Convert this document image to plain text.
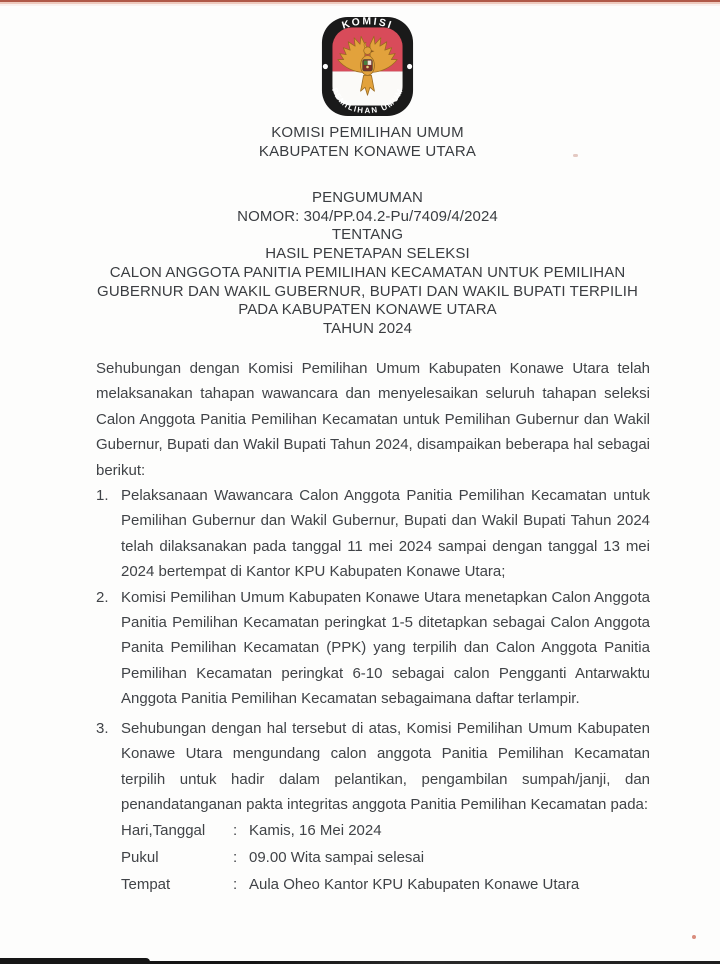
KOMISI
PEMILIHAN UMUM
KOMISI PEMILIHAN UMUM
KABUPATEN KONAWE UTARA
PENGUMUMAN
NOMOR: 304/PP.04.2-Pu/7409/4/2024
TENTANG
HASIL PENETAPAN SELEKSI
CALON ANGGOTA PANITIA PEMILIHAN KECAMATAN UNTUK PEMILIHAN
GUBERNUR DAN WAKIL GUBERNUR, BUPATI DAN WAKIL BUPATI TERPILIH
PADA KABUPATEN KONAWE UTARA
TAHUN 2024

Sehubungan dengan Komisi Pemilihan Umum Kabupaten Konawe Utara telah melaksanakan tahapan wawancara dan menyelesaikan seluruh tahapan seleksi Calon Anggota Panitia Pemilihan Kecamatan untuk Pemilihan Gubernur dan Wakil Gubernur, Bupati dan Wakil Bupati Tahun 2024, disampaikan beberapa hal sebagai berikut:

1. Pelaksanaan Wawancara Calon Anggota Panitia Pemilihan Kecamatan untuk Pemilihan Gubernur dan Wakil Gubernur, Bupati dan Wakil Bupati Tahun 2024 telah dilaksanakan pada tanggal 11 mei 2024 sampai dengan tanggal 13 mei 2024 bertempat di Kantor KPU Kabupaten Konawe Utara;
2. Komisi Pemilihan Umum Kabupaten Konawe Utara menetapkan Calon Anggota Panitia Pemilihan Kecamatan peringkat 1-5 ditetapkan sebagai Calon Anggota Panita Pemilihan Kecamatan (PPK) yang terpilih dan Calon Anggota Panitia Pemilihan Kecamatan peringkat 6-10 sebagai calon Pengganti Antarwaktu Anggota Panitia Pemilihan Kecamatan sebagaimana daftar terlampir.
3. Sehubungan dengan hal tersebut di atas, Komisi Pemilihan Umum Kabupaten Konawe Utara mengundang calon anggota Panitia Pemilihan Kecamatan terpilih untuk hadir dalam pelantikan, pengambilan sumpah/janji, dan penandatanganan pakta integritas anggota Panitia Pemilihan Kecamatan pada:
Hari,Tanggal	: Kamis, 16 Mei 2024
Pukul	: 09.00 Wita sampai selesai
Tempat	: Aula Oheo Kantor KPU Kabupaten Konawe Utara
